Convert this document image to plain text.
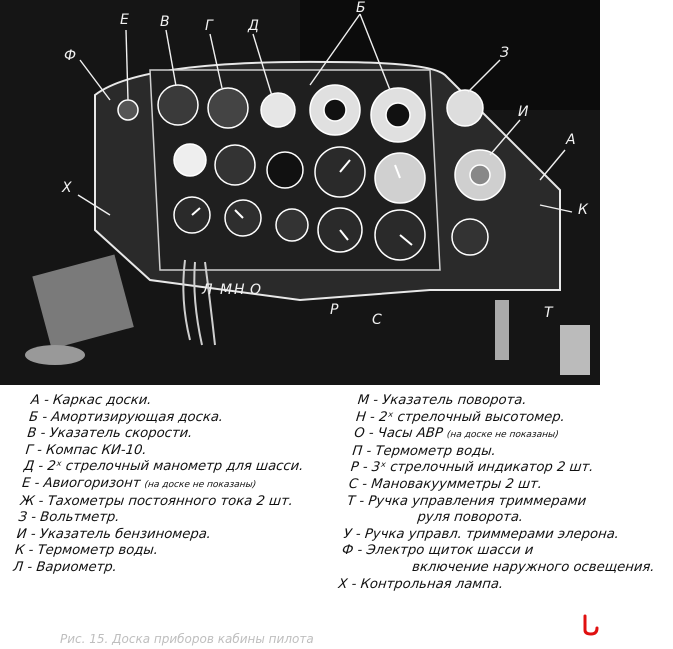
Е В	Г	Д
Б
З
Ф
И
А
К
Х
Л М Н О
Р
С	Т
А - Каркас доски.
Б - Амортизирующая доска.
В - Указатель скорости.
Г - Компас КИ-10.
Д - 2ˣ стрелочный манометр для шасси.
Е - Авиогоризонт (на доске не показаны)
Ж - Тахометры постоянного тока 2 шт.
З - Вольтметр.
И - Указатель бензиномера.
К - Термометр воды.
Л - Вариометр.
М - Указатель поворота.
Н - 2ˣ стрелочный высотомер.
О - Часы АВР (на доске не показаны)
П - Термометр воды.
Р - 3ˣ стрелочный индикатор 2 шт.
С - Мановакуумметры 2 шт.
Т - Ручка управления триммерами
руля поворота.
У - Ручка управл. триммерами элерона.
Ф - Электро щиток шасси и
включение наружного освещения.
Х - Контрольная лампа.
Рис. 15. Доска приборов кабины пилота
